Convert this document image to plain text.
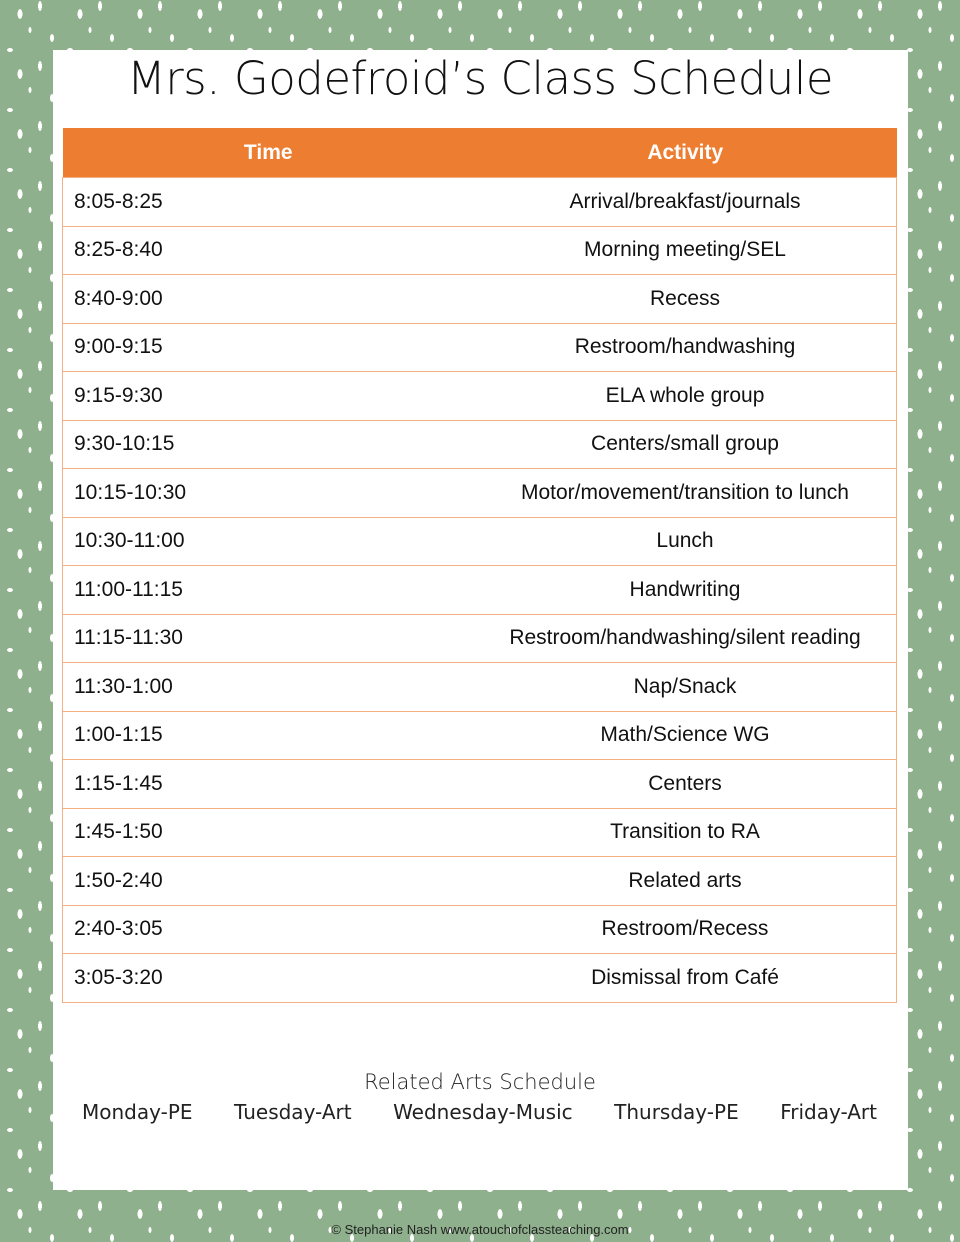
Mrs. Godefroid’s Class Schedule
Time	Activity
8:05-8:25	Arrival/breakfast/journals
8:25-8:40	Morning meeting/SEL
8:40-9:00	Recess
9:00-9:15	Restroom/handwashing
9:15-9:30	ELA whole group
9:30-10:15	Centers/small group
10:15-10:30	Motor/movement/transition to lunch
10:30-11:00	Lunch
11:00-11:15	Handwriting
11:15-11:30	Restroom/handwashing/silent reading
11:30-1:00	Nap/Snack
1:00-1:15	Math/Science WG
1:15-1:45	Centers
1:45-1:50	Transition to RA
1:50-2:40	Related arts
2:40-3:05	Restroom/Recess
3:05-3:20	Dismissal from Café
Related Arts Schedule
Monday-PE Tuesday-Art Wednesday-Music Thursday-PE Friday-Art
© Stephanie Nash www.atouchofclassteaching.com
